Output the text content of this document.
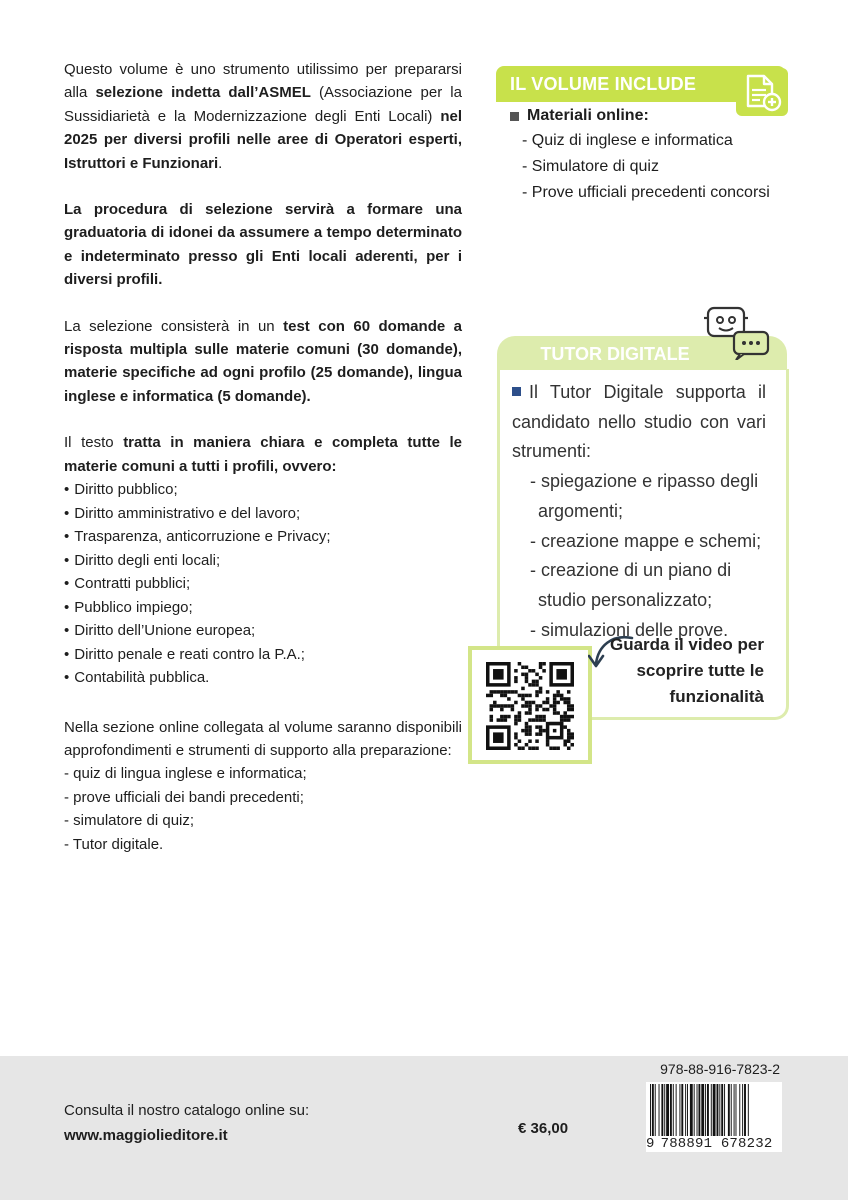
Questo volume è uno strumento utilissimo per prepararsi alla selezione indetta dall’ASMEL (Associazione per la Sussidiarietà e la Modernizzazione degli Enti Locali) nel 2025 per diversi profili nelle aree di Operatori esperti, Istruttori e Funzionari.

La procedura di selezione servirà a formare una graduatoria di idonei da assumere a tempo determinato e indeterminato presso gli Enti locali aderenti, per i diversi profili.

La selezione consisterà in un test con 60 domande a risposta multipla sulle materie comuni (30 domande), materie specifiche ad ogni profilo (25 domande), lingua inglese e informatica (5 domande).

Il testo tratta in maniera chiara e completa tutte le materie comuni a tutti i profili, ovvero:

• Diritto pubblico;
• Diritto amministrativo e del lavoro;
• Trasparenza, anticorruzione e Privacy;
• Diritto degli enti locali;
• Contratti pubblici;
• Pubblico impiego;
• Diritto dell’Unione europea;
• Diritto penale e reati contro la P.A.;
• Contabilità pubblica.

Nella sezione online collegata al volume saranno disponibili approfondimenti e strumenti di supporto alla preparazione:

- quiz di lingua inglese e informatica;
- prove ufficiali dei bandi precedenti;
- simulatore di quiz;
- Tutor digitale.
IL VOLUME INCLUDE
Materiali online:
- Quiz di inglese e informatica
- Simulatore di quiz
- Prove ufficiali precedenti concorsi
TUTOR DIGITALE

Il Tutor Digitale supporta il candidato nello studio con vari strumenti:

- spiegazione e ripasso degli argomenti;
- creazione mappe e schemi;
- creazione di un piano di studio personalizzato;
- simulazioni delle prove.
Guarda il video per scoprire tutte le funzionalità
Consulta il nostro catalogo online su:
www.maggiolieditore.it	€ 36,00
978-88-916-7823-2
9 788891 678232
